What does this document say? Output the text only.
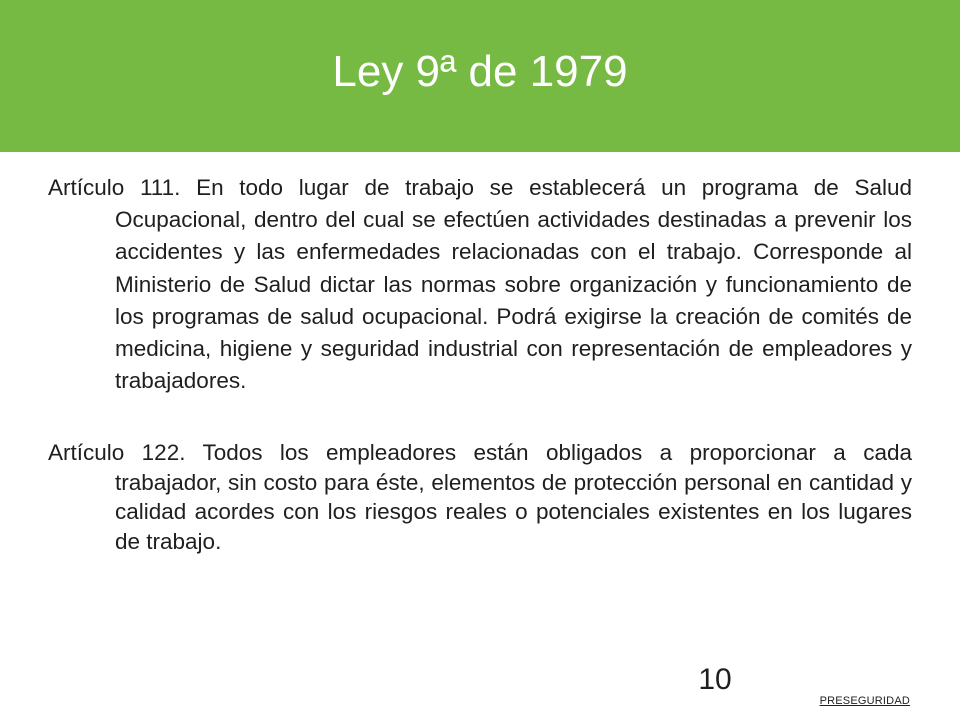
Ley 9ª de 1979

Artículo 111. En todo lugar de trabajo se establecerá un programa de Salud Ocupacional, dentro del cual se efectúen actividades destinadas a prevenir los accidentes y las enfermedades relacionadas con el trabajo. Corresponde al Ministerio de Salud dictar las normas sobre organización y funcionamiento de los programas de salud ocupacional. Podrá exigirse la creación de comités de medicina, higiene y seguridad industrial con representación de empleadores y trabajadores.

Artículo 122. Todos los empleadores están obligados a proporcionar a cada trabajador, sin costo para éste, elementos de protección personal en cantidad y calidad acordes con los riesgos reales o potenciales existentes en los lugares de trabajo.

10
PRESEGURIDAD
